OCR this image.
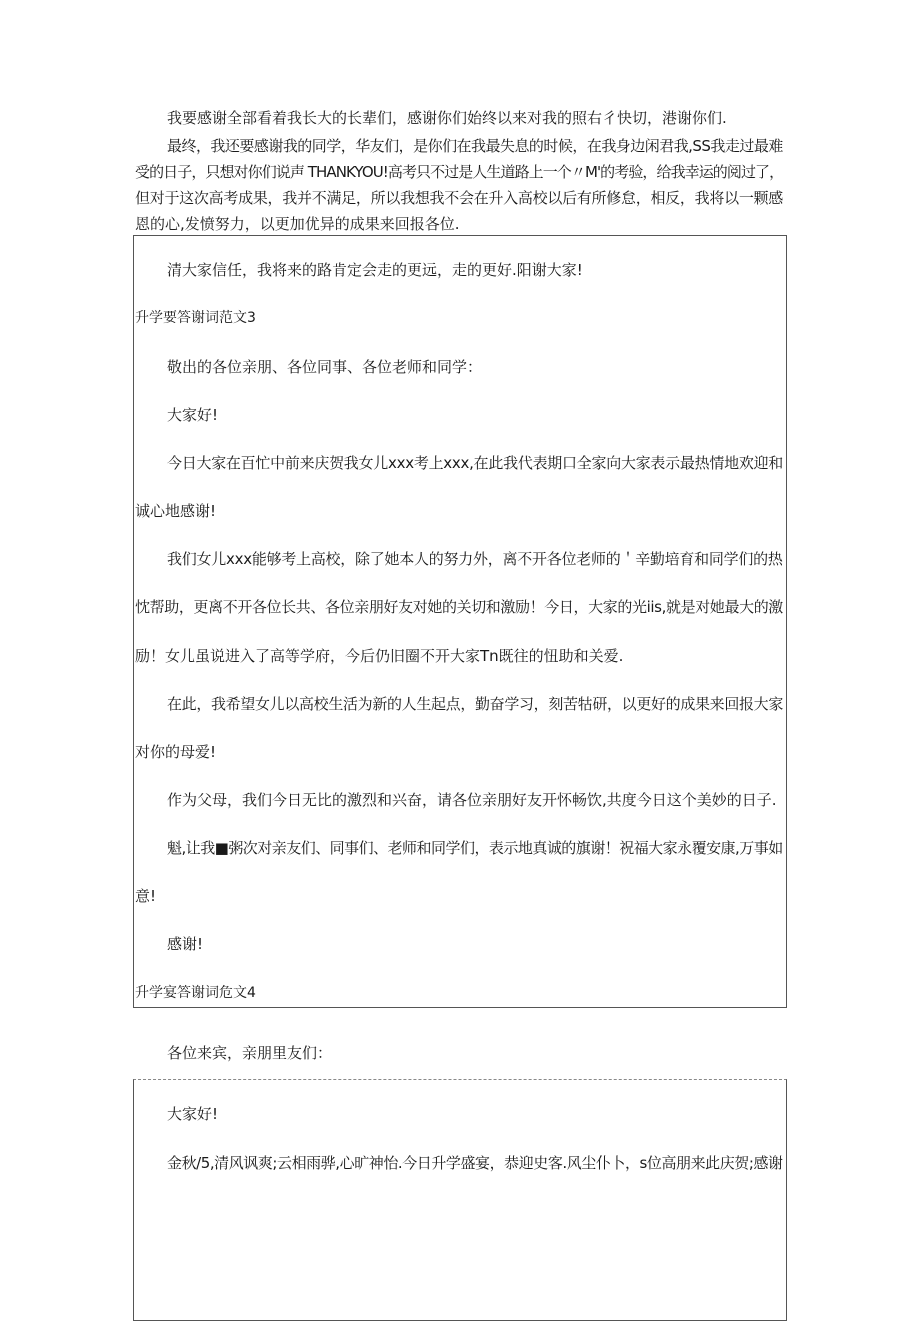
我要感谢全部看着我长大的长辈们，感谢你们始终以来对我的照右彳快切，港谢你们.
最终，我还要感谢我的同学，华友们，是你们在我最失息的时候，在我身边闲君我,SS我走过最难
受的日子，只想对你们说声 THANKYOU!高考只不过是人生道路上一个〃M'的考验，给我幸运的阅过了，
但对于这次高考成果，我并不满足，所以我想我不会在升入高校以后有所修怠，相反，我将以一颗感
恩的心,发愤努力，以更加优异的成果来回报各位.
清大家信任，我将来的路肯定会走的更远，走的更好.阳谢大家!
升学要答谢词范文3
敬出的各位亲朋、各位同事、各位老师和同学：
大家好!
今日大家在百忙中前来庆贺我女儿xxx考上xxx,在此我代表期口全家向大家表示最热情地欢迎和
诚心地感谢!
我们女儿xxx能够考上高校，除了她本人的努力外，离不开各位老师的＇辛勤培育和同学们的热
忱帮助，更离不开各位长共、各位亲朋好友对她的关切和激励！今日，大家的光iis,就是对她最大的激
励！女儿虽说进入了高等学府，今后仍旧圈不开大家Tn既往的忸助和关爱.
在此，我希望女儿以高校生活为新的人生起点，勤奋学习，刻苦牯研，以更好的成果来回报大家
对你的母爱!
作为父母，我们今日无比的激烈和兴奋，请各位亲朋好友开怀畅饮,共度今日这个美妙的日子.
魁,让我■粥次对亲友们、同事们、老师和同学们，表示地真诚的旗谢！祝福大家永覆安康,万事如
意!
感谢!
升学宴答谢词危文4
各位来宾，亲朋里友们：
大家好!
金秋/5,清风讽爽;云相雨骅,心旷神怡.今日升学盛宴，恭迎史客.风尘仆卜，s位高朋来此庆贺;感谢
